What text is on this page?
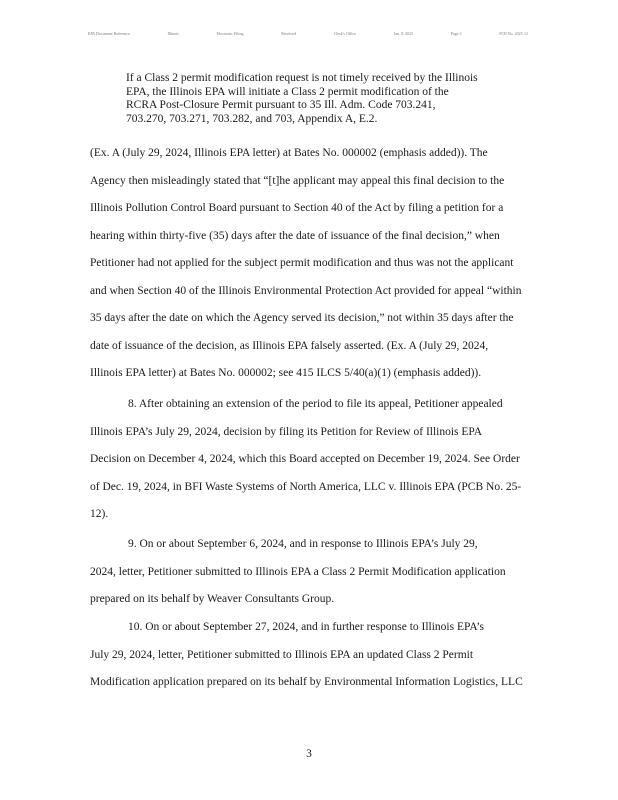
EPA Document Reference	Illinois	Electronic Filing	Received	Clerk's Office	Jan. 8, 2025	Page 3	PCB No. 2025-12
If a Class 2 permit modification request is not timely received by the Illinois
EPA, the Illinois EPA will initiate a Class 2 permit modification of the
RCRA Post-Closure Permit pursuant to 35 Ill. Adm. Code 703.241,
703.270, 703.271, 703.282, and 703, Appendix A, E.2.
(Ex. A (July 29, 2024, Illinois EPA letter) at Bates No. 000002 (emphasis added)). The
Agency then misleadingly stated that “[t]he applicant may appeal this final decision to the
Illinois Pollution Control Board pursuant to Section 40 of the Act by filing a petition for a
hearing within thirty-five (35) days after the date of issuance of the final decision,” when
Petitioner had not applied for the subject permit modification and thus was not the applicant
and when Section 40 of the Illinois Environmental Protection Act provided for appeal “within
35 days after the date on which the Agency served its decision,” not within 35 days after the
date of issuance of the decision, as Illinois EPA falsely asserted. (Ex. A (July 29, 2024,
Illinois EPA letter) at Bates No. 000002; see 415 ILCS 5/40(a)(1) (emphasis added)).
8. After obtaining an extension of the period to file its appeal, Petitioner appealed
Illinois EPA’s July 29, 2024, decision by filing its Petition for Review of Illinois EPA
Decision on December 4, 2024, which this Board accepted on December 19, 2024. See Order
of Dec. 19, 2024, in BFI Waste Systems of North America, LLC v. Illinois EPA (PCB No. 25-
12).
9. On or about September 6, 2024, and in response to Illinois EPA’s July 29,
2024, letter, Petitioner submitted to Illinois EPA a Class 2 Permit Modification application
prepared on its behalf by Weaver Consultants Group.
10. On or about September 27, 2024, and in further response to Illinois EPA’s
July 29, 2024, letter, Petitioner submitted to Illinois EPA an updated Class 2 Permit
Modification application prepared on its behalf by Environmental Information Logistics, LLC
3
